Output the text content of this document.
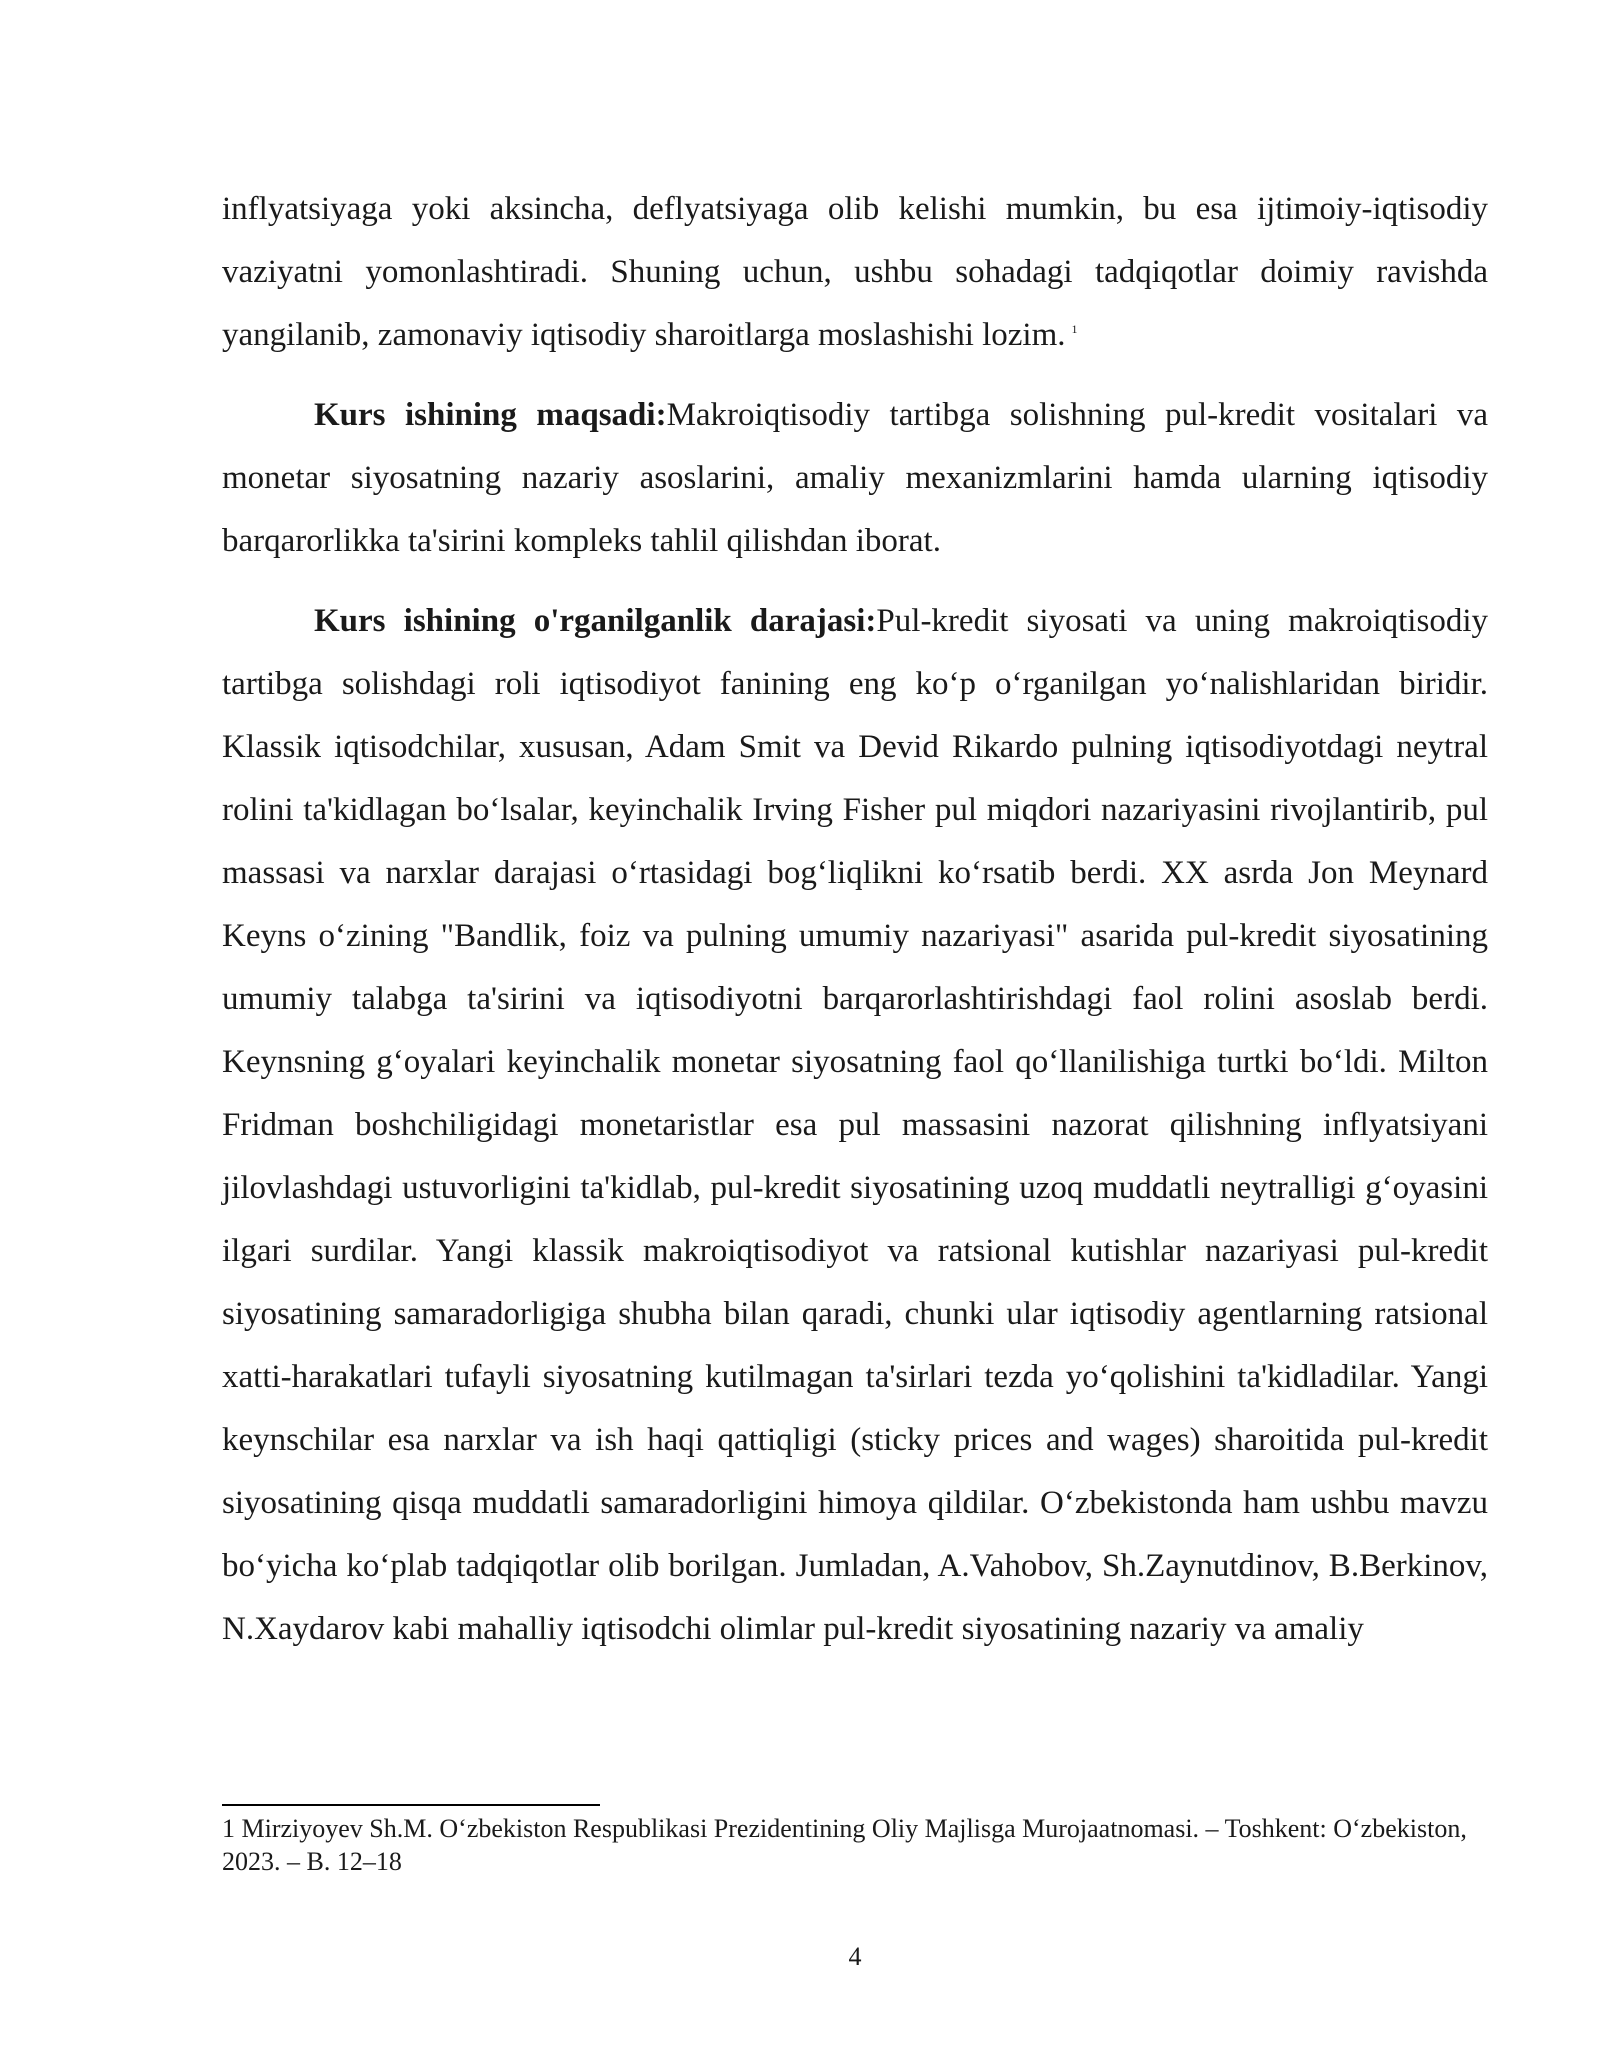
inflyatsiyaga yoki aksincha, deflyatsiyaga olib kelishi mumkin, bu esa ijtimoiy-iqtisodiy vaziyatni yomonlashtiradi. Shuning uchun, ushbu sohadagi tadqiqotlar doimiy ravishda yangilanib, zamonaviy iqtisodiy sharoitlarga moslashishi lozim. $^1$

Kurs ishining maqsadi:Makroiqtisodiy tartibga solishning pul-kredit vositalari va monetar siyosatning nazariy asoslarini, amaliy mexanizmlarini hamda ularning iqtisodiy barqarorlikka ta'sirini kompleks tahlil qilishdan iborat.

Kurs ishining o'rganilganlik darajasi:Pul-kredit siyosati va uning makroiqtisodiy tartibga solishdagi roli iqtisodiyot fanining eng koʻp oʻrganilgan yoʻnalishlaridan biridir. Klassik iqtisodchilar, xususan, Adam Smit va Devid Rikardo pulning iqtisodiyotdagi neytral rolini ta'kidlagan boʻlsalar, keyinchalik Irving Fisher pul miqdori nazariyasini rivojlantirib, pul massasi va narxlar darajasi oʻrtasidagi bogʻliqlikni koʻrsatib berdi. XX asrda Jon Meynard Keyns oʻzining "Bandlik, foiz va pulning umumiy nazariyasi" asarida pul-kredit siyosatining umumiy talabga ta'sirini va iqtisodiyotni barqarorlashtirishdagi faol rolini asoslab berdi. Keynsning gʻoyalari keyinchalik monetar siyosatning faol qoʻllanilishiga turtki boʻldi. Milton Fridman boshchiligidagi monetaristlar esa pul massasini nazorat qilishning inflyatsiyani jilovlashdagi ustuvorligini ta'kidlab, pul-kredit siyosatining uzoq muddatli neytralligi gʻoyasini ilgari surdilar. Yangi klassik makroiqtisodiyot va ratsional kutishlar nazariyasi pul-kredit siyosatining samaradorligiga shubha bilan qaradi, chunki ular iqtisodiy agentlarning ratsional xatti-harakatlari tufayli siyosatning kutilmagan ta'sirlari tezda yoʻqolishini ta'kidladilar. Yangi keynschilar esa narxlar va ish haqi qattiqligi (sticky prices and wages) sharoitida pul-kredit siyosatining qisqa muddatli samaradorligini himoya qildilar. Oʻzbekistonda ham ushbu mavzu boʻyicha koʻplab tadqiqotlar olib borilgan. Jumladan, A.Vahobov, Sh.Zaynutdinov, B.Berkinov, N.Xaydarov kabi mahalliy iqtisodchi olimlar pul-kredit siyosatining nazariy va amaliy

1 Mirziyoyev Sh.M. Oʻzbekiston Respublikasi Prezidentining Oliy Majlisga Murojaatnomasi. – Toshkent: Oʻzbekiston, 2023. – B. 12–18
4
